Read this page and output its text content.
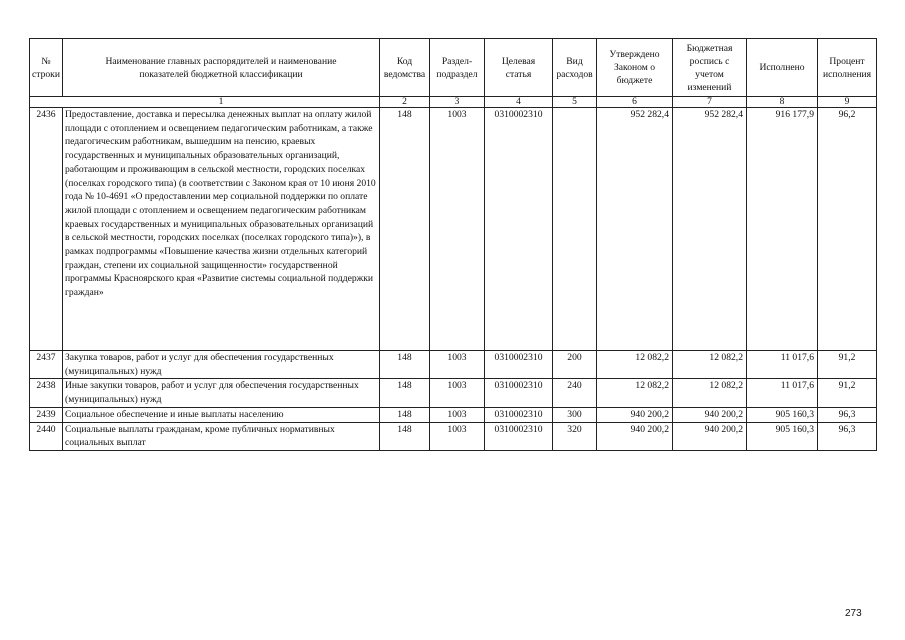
№ строки	Наименование главных распорядителей и наименование показателей бюджетной классификации	Код ведомства	Раздел-подраздел	Целевая статья	Вид расходов	Утверждено Законом о бюджете	Бюджетная роспись с учетом изменений	Исполнено	Процент исполнения
	1	2	3	4	5	6	7	8	9
2436	Предоставление, доставка и пересылка денежных выплат на оплату жилой площади с отоплением и освещением педагогическим работникам, а также педагогическим работникам, вышедшим на пенсию, краевых государственных и муниципальных образовательных организаций, работающим и проживающим в сельской местности, городских поселках (поселках городского типа) (в соответствии с Законом края от 10 июня 2010 года № 10-4691 «О предоставлении мер социальной поддержки по оплате жилой площади с отоплением и освещением педагогическим работникам краевых государственных и муниципальных образовательных организаций в сельской местности, городских поселках (поселках городского типа)»), в рамках подпрограммы «Повышение качества жизни отдельных категорий граждан, степени их социальной защищенности» государственной программы Красноярского края «Развитие системы социальной поддержки граждан»	148	1003	0310002310		952 282,4	952 282,4	916 177,9	96,2
2437	Закупка товаров, работ и услуг для обеспечения государственных (муниципальных) нужд	148	1003	0310002310	200	12 082,2	12 082,2	11 017,6	91,2
2438	Иные закупки товаров, работ и услуг для обеспечения государственных (муниципальных) нужд	148	1003	0310002310	240	12 082,2	12 082,2	11 017,6	91,2
2439	Социальное обеспечение и иные выплаты населению	148	1003	0310002310	300	940 200,2	940 200,2	905 160,3	96,3
2440	Социальные выплаты гражданам, кроме публичных нормативных социальных выплат	148	1003	0310002310	320	940 200,2	940 200,2	905 160,3	96,3
273
